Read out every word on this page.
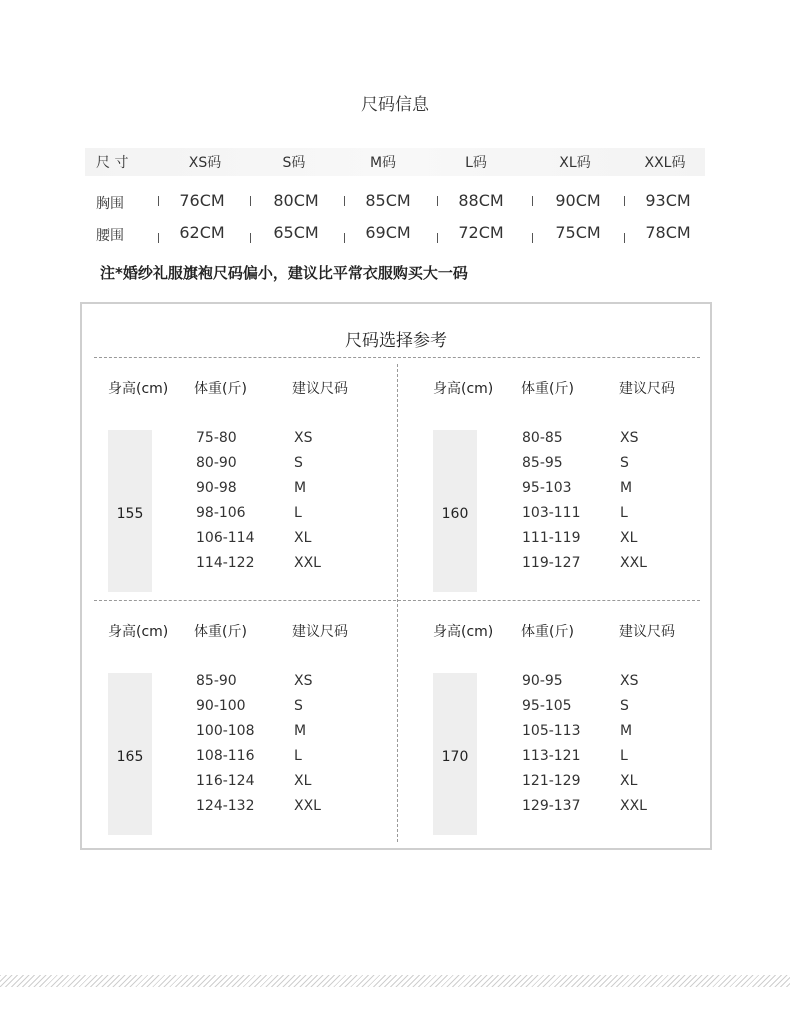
尺码信息
尺 寸	XS码	S码	M码	L码	XL码	XXL码
胸围	76CM	80CM	85CM	88CM	90CM	93CM
腰围	62CM	65CM	69CM	72CM	75CM	78CM
注*婚纱礼服旗袍尺码偏小，建议比平常衣服购买大一码
尺码选择参考
身高(cm) 体重(斤)	建议尺码
155
75-80	XS
80-90	S
90-98	M
98-106	L
106-114	XL
114-122	XXL
身高(cm) 体重(斤)	建议尺码
160
80-85	XS
85-95	S
95-103	M
103-111	L
111-119	XL
119-127	XXL
身高(cm) 体重(斤)	建议尺码
165
85-90	XS
90-100	S
100-108	M
108-116	L
116-124	XL
124-132	XXL
身高(cm) 体重(斤)	建议尺码
170
90-95	XS
95-105	S
105-113	M
113-121	L
121-129	XL
129-137	XXL
